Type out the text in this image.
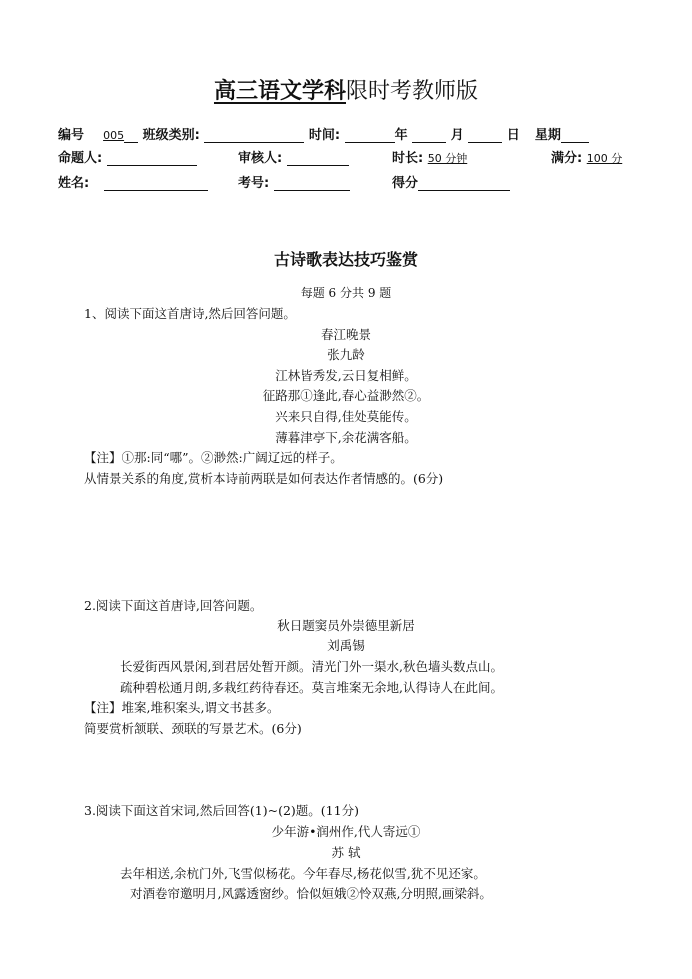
高三语文学科限时考教师版
编号 005 班级类别:	时间:	年	月	日 星期
命题人:	审核人:	时长: 50 分钟	满分: 100 分
姓名:	考号:	得分
古诗歌表达技巧鉴赏
每题 6 分共 9 题
1、阅读下面这首唐诗,然后回答问题。
春江晚景
张九龄
江林皆秀发,云日复相鲜。
征路那①逢此,春心益渺然②。
兴来只自得,佳处莫能传。
薄暮津亭下,余花满客船。
【注】①那:同“哪”。②渺然:广阔辽远的样子。
从情景关系的角度,赏析本诗前两联是如何表达作者情感的。(6分)
2.阅读下面这首唐诗,回答问题。
秋日题窦员外崇德里新居
刘禹锡
长爱街西风景闲,到君居处暂开颜。清光门外一渠水,秋色墙头数点山。
疏种碧松通月朗,多栽红药待春还。莫言堆案无余地,认得诗人在此间。
【注】堆案,堆积案头,谓文书甚多。
简要赏析颔联、颈联的写景艺术。(6分)
3.阅读下面这首宋词,然后回答(1)~(2)题。(11分)
少年游•润州作,代人寄远①
苏 轼
去年相送,余杭门外,飞雪似杨花。今年春尽,杨花似雪,犹不见还家。
对酒卷帘邀明月,风露透窗纱。恰似姮娥②怜双燕,分明照,画梁斜。
